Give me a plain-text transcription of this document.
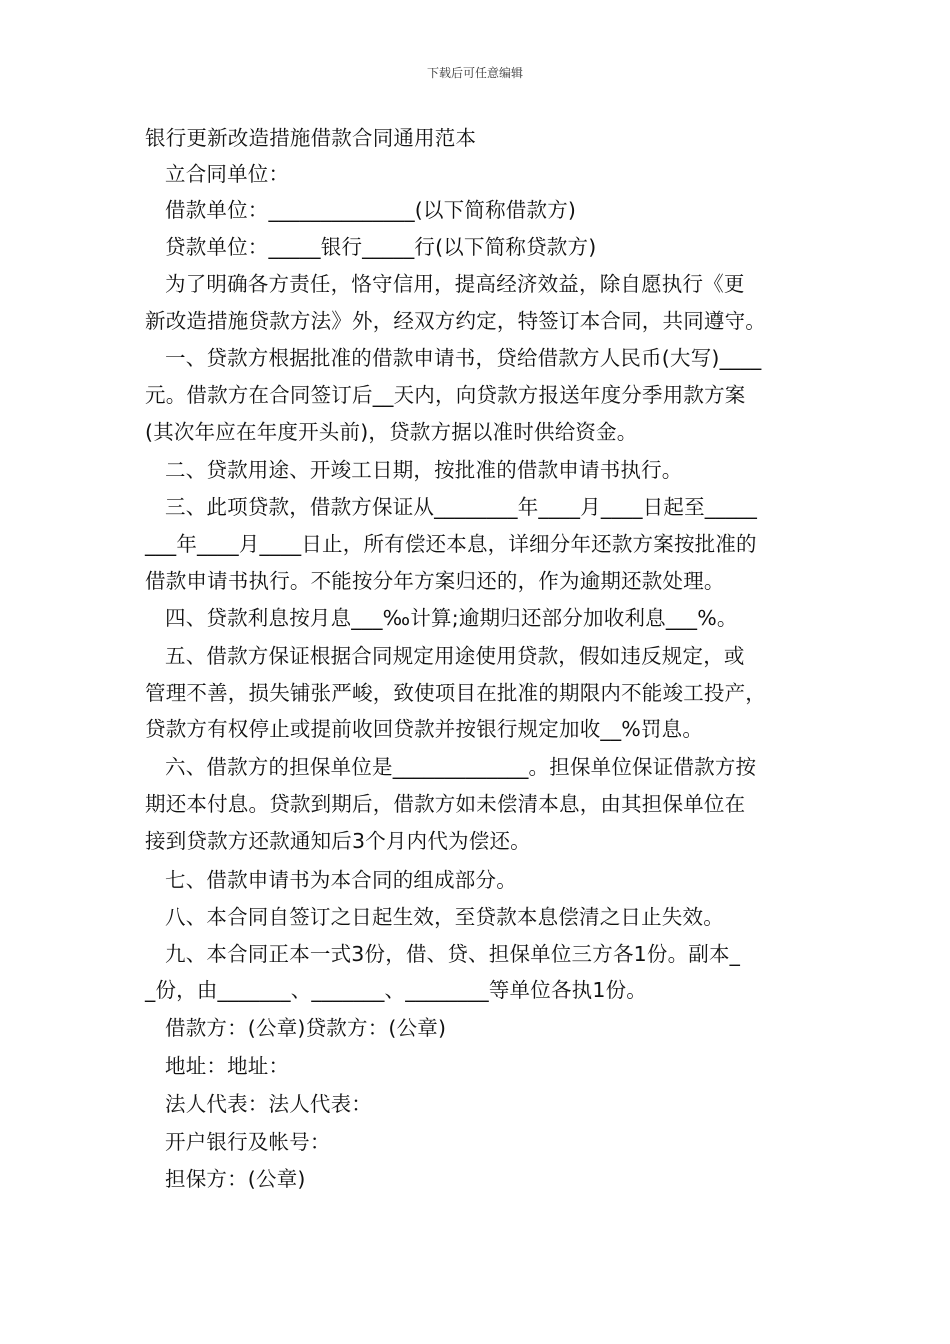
下载后可任意编辑
银行更新改造措施借款合同通用范本
立合同单位：
借款单位：______________(以下简称借款方)
贷款单位：_____银行_____行(以下简称贷款方)
为了明确各方责任，恪守信用，提高经济效益，除自愿执行《更
新改造措施贷款方法》外，经双方约定，特签订本合同，共同遵守。
一、贷款方根据批准的借款申请书，贷给借款方人民币(大写)____
元。借款方在合同签订后__天内，向贷款方报送年度分季用款方案
(其次年应在年度开头前)，贷款方据以准时供给资金。
二、贷款用途、开竣工日期，按批准的借款申请书执行。
三、此项贷款，借款方保证从________年____月____日起至_____
___年____月____日止，所有偿还本息，详细分年还款方案按批准的
借款申请书执行。不能按分年方案归还的，作为逾期还款处理。
四、贷款利息按月息___‰计算;逾期归还部分加收利息___%。
五、借款方保证根据合同规定用途使用贷款，假如违反规定，或
管理不善，损失铺张严峻，致使项目在批准的期限内不能竣工投产，
贷款方有权停止或提前收回贷款并按银行规定加收__%罚息。
六、借款方的担保单位是_____________。担保单位保证借款方按
期还本付息。贷款到期后，借款方如未偿清本息，由其担保单位在
接到贷款方还款通知后3个月内代为偿还。
七、借款申请书为本合同的组成部分。
八、本合同自签订之日起生效，至贷款本息偿清之日止失效。
九、本合同正本一式3份，借、贷、担保单位三方各1份。副本_
_份，由_______、_______、________等单位各执1份。
借款方：(公章)贷款方：(公章)
地址：地址：
法人代表：法人代表：
开户银行及帐号：
担保方：(公章)
